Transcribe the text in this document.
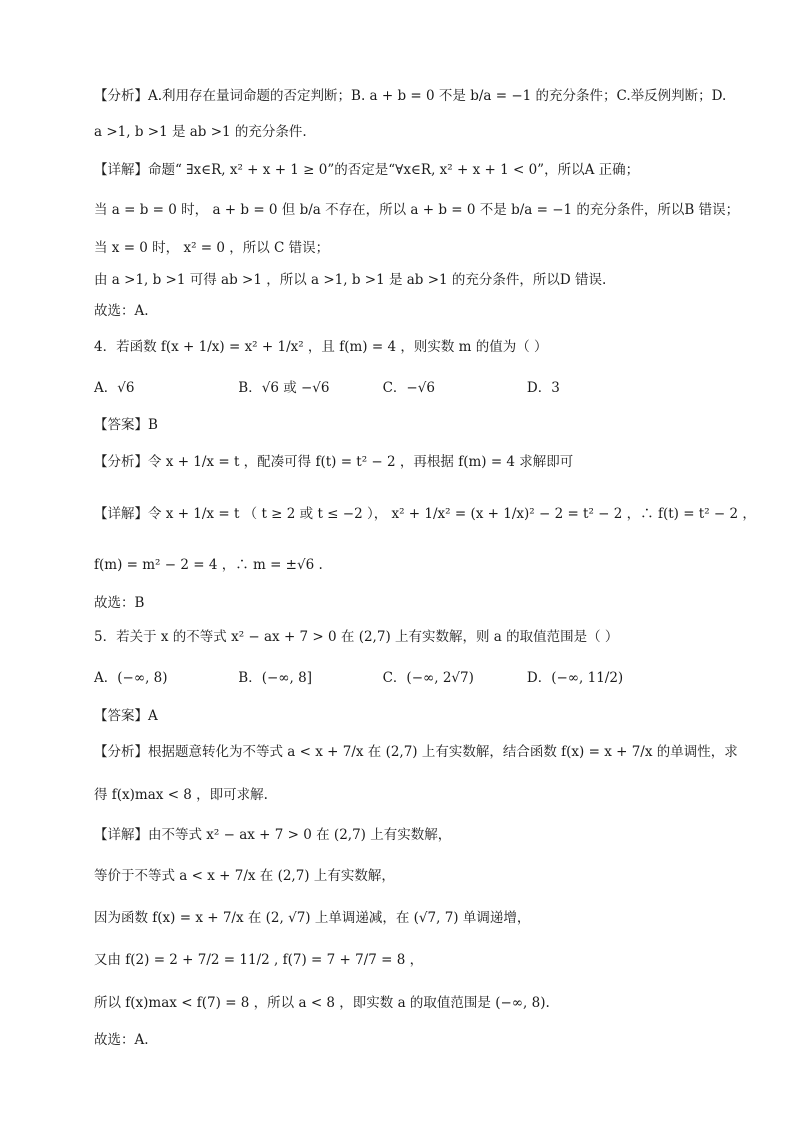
【分析】A.利用存在量词命题的否定判断；B. a + b = 0 不是 b/a = −1 的充分条件；C.举反例判断；D.
a >1, b >1 是 ab >1 的充分条件.
【详解】命题“ ∃x∈R, x² + x + 1 ≥ 0”的否定是“∀x∈R, x² + x + 1 < 0”，所以A 正确；
当 a = b = 0 时， a + b = 0 但 b/a 不存在，所以 a + b = 0 不是 b/a = −1 的充分条件，所以B 错误；
当 x = 0 时， x² = 0 ，所以 C 错误；
由 a >1, b >1 可得 ab >1 ，所以 a >1, b >1 是 ab >1 的充分条件，所以D 错误.
故选：A.
4．若函数 f(x + 1/x) = x² + 1/x² ，且 f(m) = 4 ，则实数 m 的值为（ ）
A．√6	B．√6 或 −√6	C．−√6	D．3
【答案】B
【分析】令 x + 1/x = t ，配凑可得 f(t) = t² − 2 ，再根据 f(m) = 4 求解即可
【详解】令 x + 1/x = t （ t ≥ 2 或 t ≤ −2 ）， x² + 1/x² = (x + 1/x)² − 2 = t² − 2 ，∴ f(t) = t² − 2 ，
f(m) = m² − 2 = 4 ，∴ m = ±√6 .
故选：B
5．若关于 x 的不等式 x² − ax + 7 > 0 在 (2,7) 上有实数解，则 a 的取值范围是（ ）
A．(−∞, 8)	B．(−∞, 8]	C．(−∞, 2√7)	D．(−∞, 11/2)
【答案】A
【分析】根据题意转化为不等式 a < x + 7/x 在 (2,7) 上有实数解，结合函数 f(x) = x + 7/x 的单调性，求
得 f(x)max < 8 ，即可求解.
【详解】由不等式 x² − ax + 7 > 0 在 (2,7) 上有实数解，
等价于不等式 a < x + 7/x 在 (2,7) 上有实数解，
因为函数 f(x) = x + 7/x 在 (2, √7) 上单调递减，在 (√7, 7) 单调递增，
又由 f(2) = 2 + 7/2 = 11/2 , f(7) = 7 + 7/7 = 8 ，
所以 f(x)max < f(7) = 8 ，所以 a < 8 ，即实数 a 的取值范围是 (−∞, 8).
故选：A.
